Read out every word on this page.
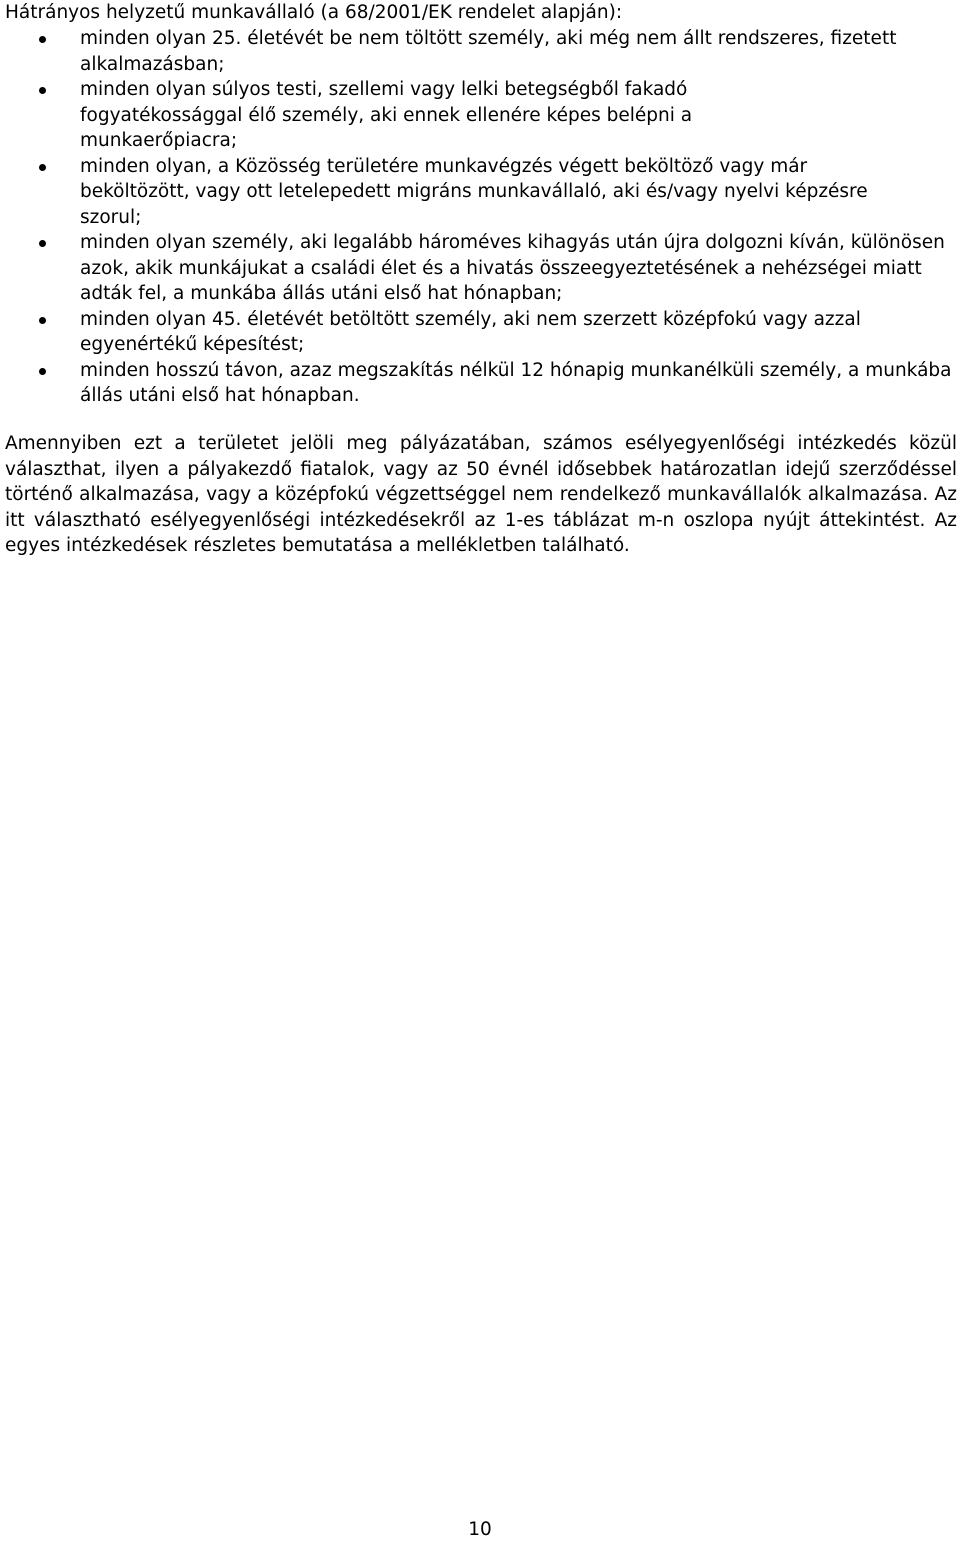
Hátrányos helyzetű munkavállaló (a 68/2001/EK rendelet alapján):
minden olyan 25. életévét be nem töltött személy, aki még nem állt rendszeres, fizetett alkalmazásban;
minden olyan súlyos testi, szellemi vagy lelki betegségből fakadó fogyatékossággal élő személy, aki ennek ellenére képes belépni a munkaerőpiacra;
minden olyan, a Közösség területére munkavégzés végett beköltöző vagy már beköltözött, vagy ott letelepedett migráns munkavállaló, aki és/vagy nyelvi képzésre szorul;
minden olyan személy, aki legalább hároméves kihagyás után újra dolgozni kíván, különösen azok, akik munkájukat a családi élet és a hivatás összeegyeztetésének a nehézségei miatt adták fel, a munkába állás utáni első hat hónapban;
minden olyan 45. életévét betöltött személy, aki nem szerzett középfokú vagy azzal egyenértékű képesítést;
minden hosszú távon, azaz megszakítás nélkül 12 hónapig munkanélküli személy, a munkába állás utáni első hat hónapban.

Amennyiben ezt a területet jelöli meg pályázatában, számos esélyegyenlőségi intézkedés közül választhat, ilyen a pályakezdő fiatalok, vagy az 50 évnél idősebbek határozatlan idejű szerződéssel történő alkalmazása, vagy a középfokú végzettséggel nem rendelkező munkavállalók alkalmazása. Az itt választható esélyegyenlőségi intézkedésekről az 1-es táblázat m-n oszlopa nyújt áttekintést. Az egyes intézkedések részletes bemutatása a mellékletben található.

10
